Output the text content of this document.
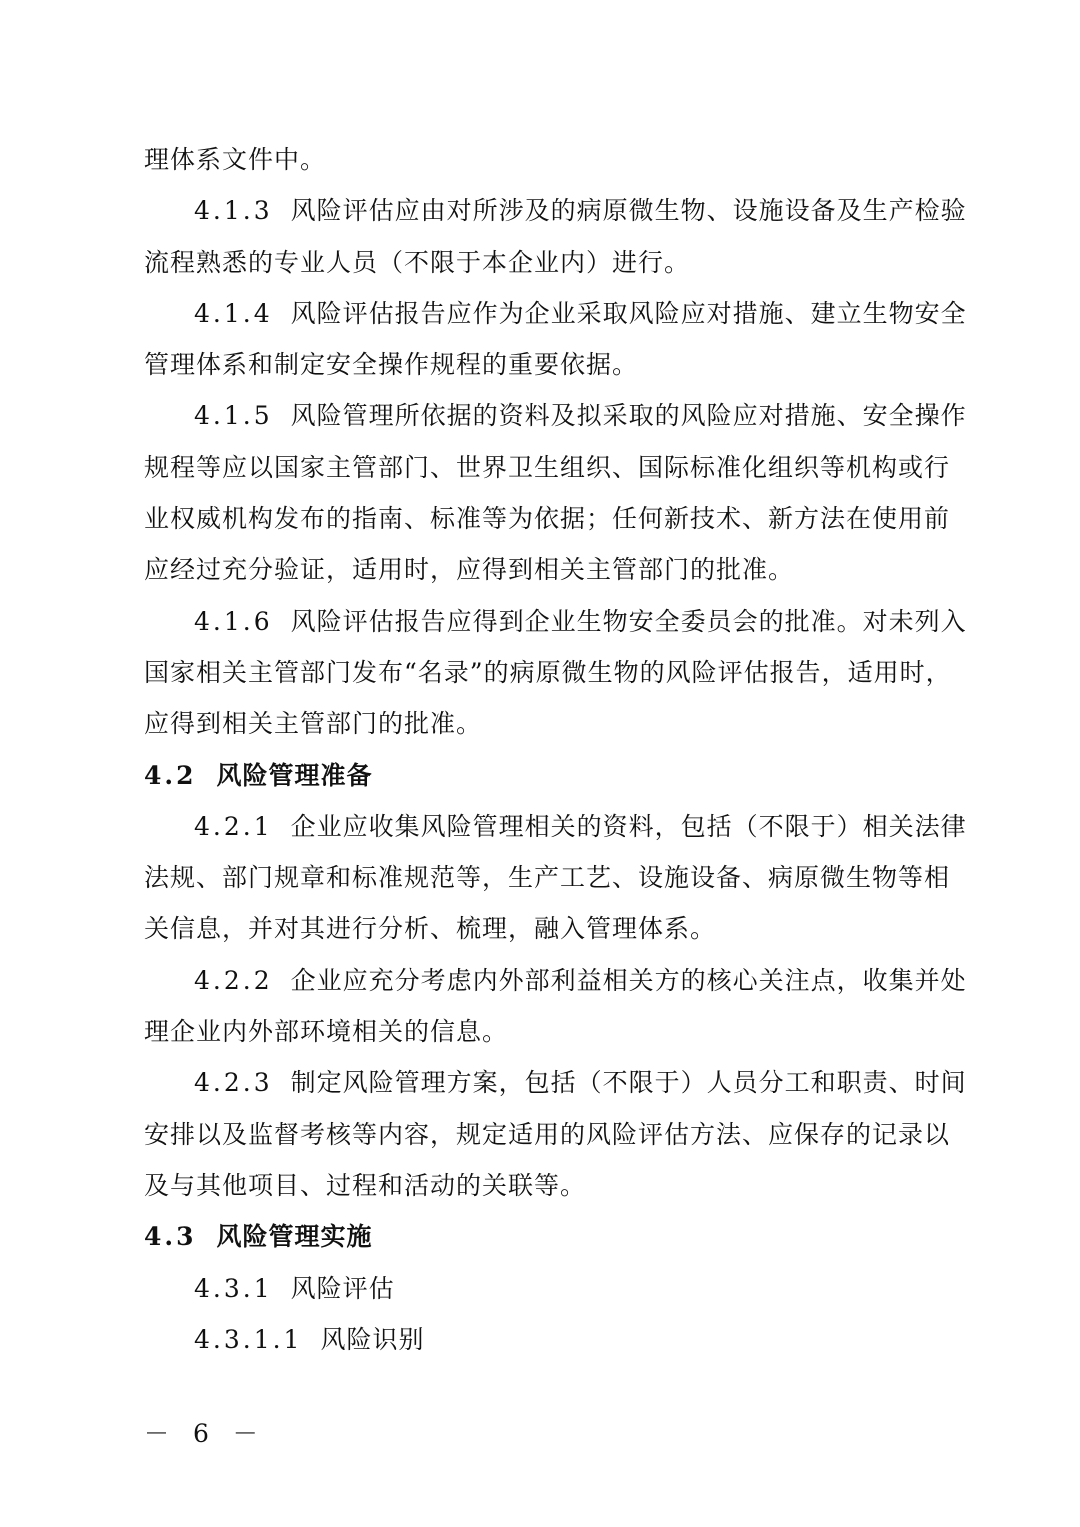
理体系文件中。
4.1.3 风险评估应由对所涉及的病原微生物、设施设备及生产检验
流程熟悉的专业人员（不限于本企业内）进行。
4.1.4 风险评估报告应作为企业采取风险应对措施、建立生物安全
管理体系和制定安全操作规程的重要依据。
4.1.5 风险管理所依据的资料及拟采取的风险应对措施、安全操作
规程等应以国家主管部门、世界卫生组织、国际标准化组织等机构或行
业权威机构发布的指南、标准等为依据；任何新技术、新方法在使用前
应经过充分验证，适用时，应得到相关主管部门的批准。
4.1.6 风险评估报告应得到企业生物安全委员会的批准。对未列入
国家相关主管部门发布“名录”的病原微生物的风险评估报告，适用时，
应得到相关主管部门的批准。
4.2 风险管理准备
4.2.1 企业应收集风险管理相关的资料，包括（不限于）相关法律
法规、部门规章和标准规范等，生产工艺、设施设备、病原微生物等相
关信息，并对其进行分析、梳理，融入管理体系。
4.2.2 企业应充分考虑内外部利益相关方的核心关注点，收集并处
理企业内外部环境相关的信息。
4.2.3 制定风险管理方案，包括（不限于）人员分工和职责、时间
安排以及监督考核等内容，规定适用的风险评估方法、应保存的记录以
及与其他项目、过程和活动的关联等。
4.3 风险管理实施
4.3.1 风险评估
4.3.1.1 风险识别
－ 6 －
